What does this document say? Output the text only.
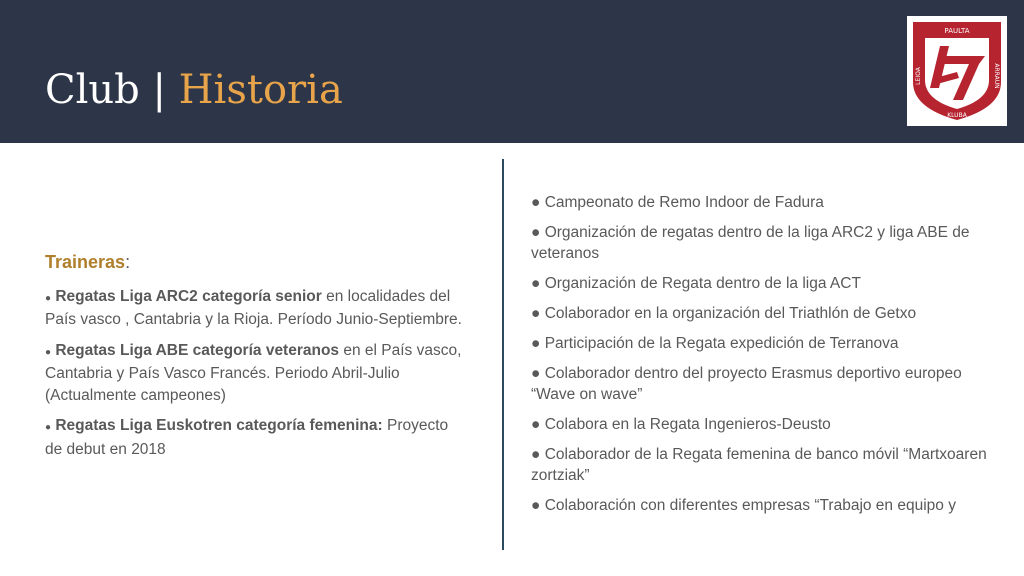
Club | Historia
PAULTA
LEIOA	ARRAUN
KLUBA
Traineras:
● Regatas Liga ARC2 categoría senior en localidades del País vasco , Cantabria y la Rioja. Período Junio-Septiembre.
● Regatas Liga ABE categoría veteranos en el País vasco, Cantabria y País Vasco Francés. Periodo Abril-Julio (Actualmente campeones)
● Regatas Liga Euskotren categoría femenina: Proyecto de debut en 2018
● Campeonato de Remo Indoor de Fadura
● Organización de regatas dentro de la liga ARC2 y liga ABE de veteranos
● Organización de Regata dentro de la liga ACT
● Colaborador en la organización del Triathlón de Getxo
● Participación de la Regata expedición de Terranova
● Colaborador dentro del proyecto Erasmus deportivo europeo “Wave on wave”
● Colabora en la Regata Ingenieros-Deusto
● Colaborador de la Regata femenina de banco móvil “Martxoaren zortziak”
● Colaboración con diferentes empresas “Trabajo en equipo y
